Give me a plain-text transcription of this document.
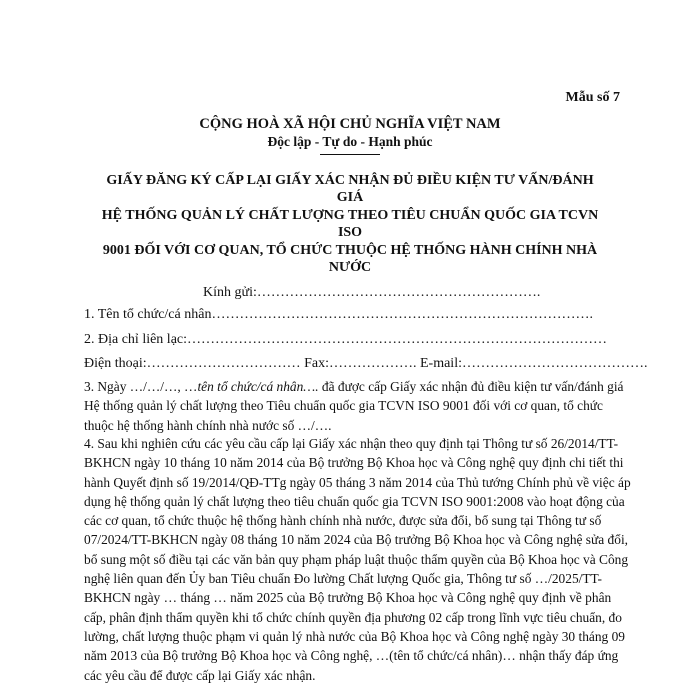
Mẫu số 7
CỘNG HOÀ XÃ HỘI CHỦ NGHĨA VIỆT NAM
Độc lập - Tự do - Hạnh phúc
GIẤY ĐĂNG KÝ CẤP LẠI GIẤY XÁC NHẬN ĐỦ ĐIỀU KIỆN TƯ VẤN/ĐÁNH
GIÁ
HỆ THỐNG QUẢN LÝ CHẤT LƯỢNG THEO TIÊU CHUẨN QUỐC GIA TCVN
ISO
9001 ĐỐI VỚI CƠ QUAN, TỔ CHỨC THUỘC HỆ THỐNG HÀNH CHÍNH NHÀ
NƯỚC
Kính gửi:…………………………………………………….
1. Tên tổ chức/cá nhân……………………………………………………………………….
2. Địa chỉ liên lạc:………………………………………………………………………………
Điện thoại:…………………………… Fax:………………. E-mail:………………………………….
3. Ngày …/…/…, …tên tổ chức/cá nhân…. đã được cấp Giấy xác nhận đủ điều kiện tư vấn/đánh giá Hệ thống quản lý chất lượng theo Tiêu chuẩn quốc gia TCVN ISO 9001 đối với cơ quan, tổ chức thuộc hệ thống hành chính nhà nước số …/….
4. Sau khi nghiên cứu các yêu cầu cấp lại Giấy xác nhận theo quy định tại Thông tư số 26/2014/TT-BKHCN ngày 10 tháng 10 năm 2014 của Bộ trưởng Bộ Khoa học và Công nghệ quy định chi tiết thi hành Quyết định số 19/2014/QĐ-TTg ngày 05 tháng 3 năm 2014 của Thủ tướng Chính phủ về việc áp dụng hệ thống quản lý chất lượng theo tiêu chuẩn quốc gia TCVN ISO 9001:2008 vào hoạt động của các cơ quan, tổ chức thuộc hệ thống hành chính nhà nước, được sửa đổi, bổ sung tại Thông tư số 07/2024/TT-BKHCN ngày 08 tháng 10 năm 2024 của Bộ trưởng Bộ Khoa học và Công nghệ sửa đổi, bổ sung một số điều tại các văn bản quy phạm pháp luật thuộc thẩm quyền của Bộ Khoa học và Công nghệ liên quan đến Ủy ban Tiêu chuẩn Đo lường Chất lượng Quốc gia, Thông tư số …/2025/TT-BKHCN ngày … tháng … năm 2025 của Bộ trưởng Bộ Khoa học và Công nghệ quy định về phân cấp, phân định thẩm quyền khi tổ chức chính quyền địa phương 02 cấp trong lĩnh vực tiêu chuẩn, đo lường, chất lượng thuộc phạm vi quản lý nhà nước của Bộ Khoa học và Công nghệ ngày 30 tháng 09 năm 2013 của Bộ trưởng Bộ Khoa học và Công nghệ, …(tên tổ chức/cá nhân)… nhận thấy đáp ứng các yêu cầu để được cấp lại Giấy xác nhận.
